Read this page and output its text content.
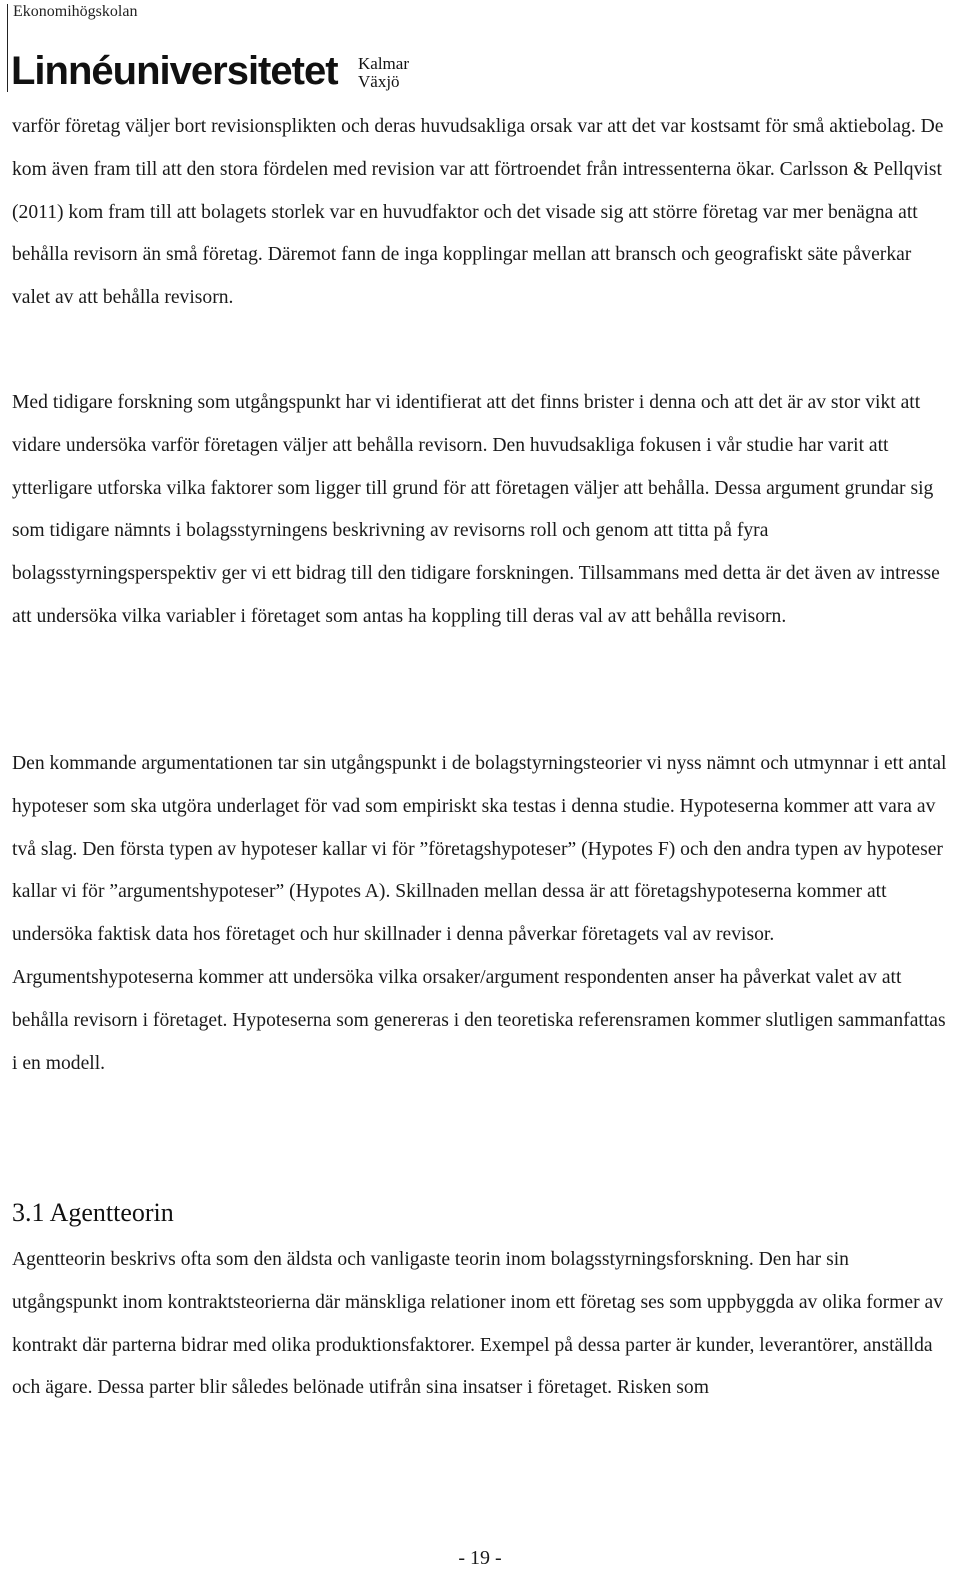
Ekonomihögskolan
Linnéuniversitetet Kalmar
Växjö

varför företag väljer bort revisionsplikten och deras huvudsakliga orsak var att det var kostsamt för små aktiebolag. De kom även fram till att den stora fördelen med revision var att förtroendet från intressenterna ökar. Carlsson & Pellqvist (2011) kom fram till att bolagets storlek var en huvudfaktor och det visade sig att större företag var mer benägna att behålla revisorn än små företag. Däremot fann de inga kopplingar mellan att bransch och geografiskt säte påverkar valet av att behålla revisorn.

Med tidigare forskning som utgångspunkt har vi identifierat att det finns brister i denna och att det är av stor vikt att vidare undersöka varför företagen väljer att behålla revisorn. Den huvudsakliga fokusen i vår studie har varit att ytterligare utforska vilka faktorer som ligger till grund för att företagen väljer att behålla. Dessa argument grundar sig som tidigare nämnts i bolagsstyrningens beskrivning av revisorns roll och genom att titta på fyra bolagsstyrningsperspektiv ger vi ett bidrag till den tidigare forskningen. Tillsammans med detta är det även av intresse att undersöka vilka variabler i företaget som antas ha koppling till deras val av att behålla revisorn.

Den kommande argumentationen tar sin utgångspunkt i de bolagstyrningsteorier vi nyss nämnt och utmynnar i ett antal hypoteser som ska utgöra underlaget för vad som empiriskt ska testas i denna studie. Hypoteserna kommer att vara av två slag. Den första typen av hypoteser kallar vi för ”företagshypoteser” (Hypotes F) och den andra typen av hypoteser kallar vi för ”argumentshypoteser” (Hypotes A). Skillnaden mellan dessa är att företagshypoteserna kommer att undersöka faktisk data hos företaget och hur skillnader i denna påverkar företagets val av revisor. Argumentshypoteserna kommer att undersöka vilka orsaker/argument respondenten anser ha påverkat valet av att behålla revisorn i företaget. Hypoteserna som genereras i den teoretiska referensramen kommer slutligen sammanfattas i en modell.

3.1 Agentteorin

Agentteorin beskrivs ofta som den äldsta och vanligaste teorin inom bolagsstyrningsforskning. Den har sin utgångspunkt inom kontraktsteorierna där mänskliga relationer inom ett företag ses som uppbyggda av olika former av kontrakt där parterna bidrar med olika produktionsfaktorer. Exempel på dessa parter är kunder, leverantörer, anställda och ägare. Dessa parter blir således belönade utifrån sina insatser i företaget. Risken som

- 19 -
